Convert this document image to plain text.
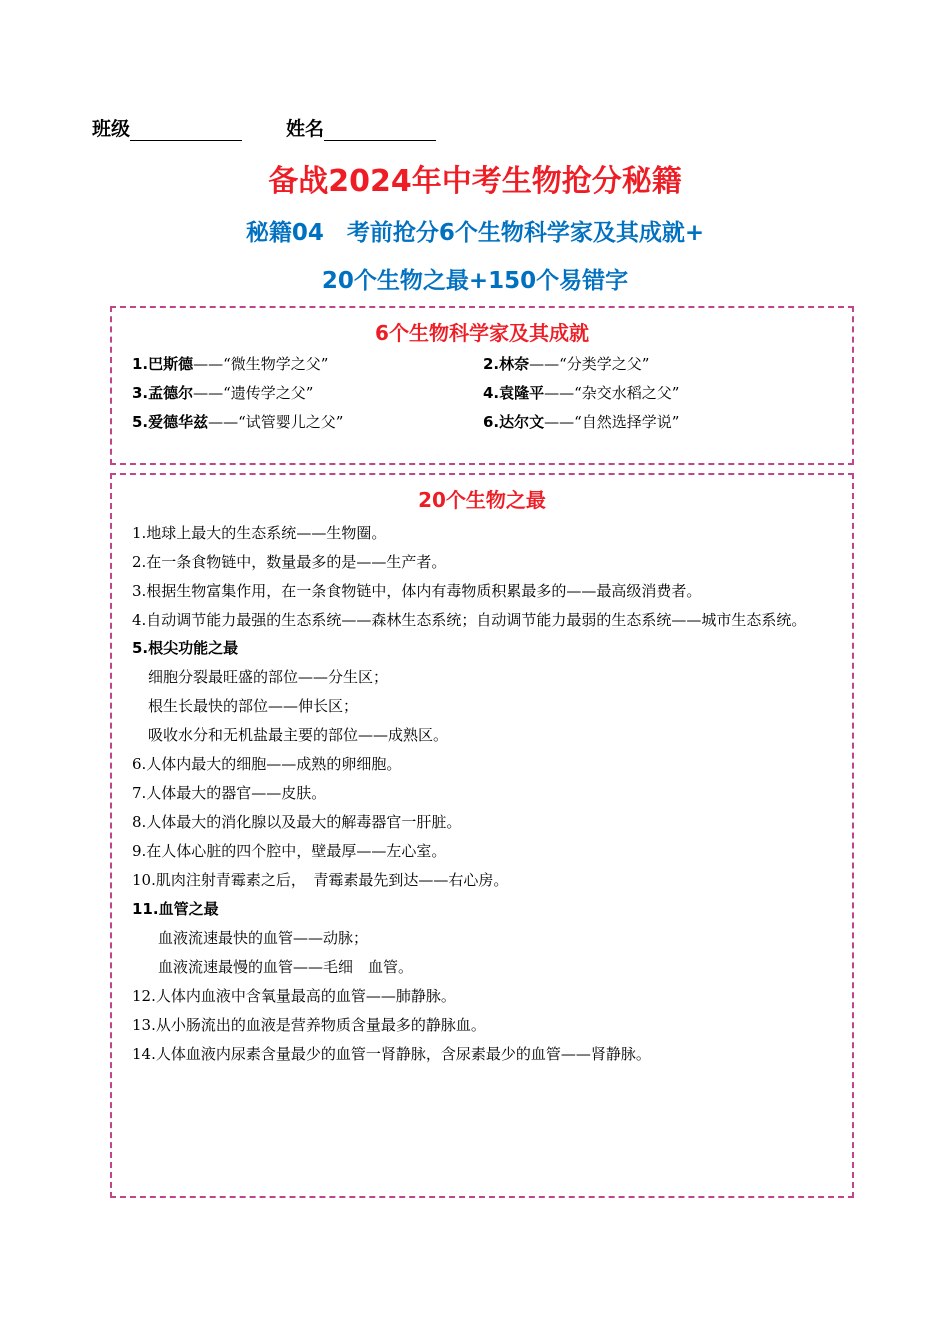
班级	姓名
备战2024年中考生物抢分秘籍
秘籍04　考前抢分6个生物科学家及其成就+
20个生物之最+150个易错字
6个生物科学家及其成就
1.巴斯德——“微生物学之父”	2.林奈——“分类学之父”
3.孟德尔——“遗传学之父”	4.袁隆平——“杂交水稻之父”
5.爱德华兹——“试管婴儿之父”	6.达尔文——“自然选择学说”
20个生物之最
1.地球上最大的生态系统——生物圈。
2.在一条食物链中，数量最多的是——生产者。
3.根据生物富集作用，在一条食物链中，体内有毒物质积累最多的——最高级消费者。
4.自动调节能力最强的生态系统——森林生态系统；自动调节能力最弱的生态系统——城市生态系统。
5.根尖功能之最
细胞分裂最旺盛的部位——分生区；
根生长最快的部位——伸长区；
吸收水分和无机盐最主要的部位——成熟区。
6.人体内最大的细胞——成熟的卵细胞。
7.人体最大的器官——皮肤。
8.人体最大的消化腺以及最大的解毒器官一肝脏。
9.在人体心脏的四个腔中，壁最厚——左心室。
10.肌肉注射青霉素之后，　青霉素最先到达——右心房。
11.血管之最
血液流速最快的血管——动脉；
血液流速最慢的血管——毛细　血管。
12.人体内血液中含氧量最高的血管——肺静脉。
13.从小肠流出的血液是营养物质含量最多的静脉血。
14.人体血液内尿素含量最少的血管一肾静脉，含尿素最少的血管——肾静脉。
